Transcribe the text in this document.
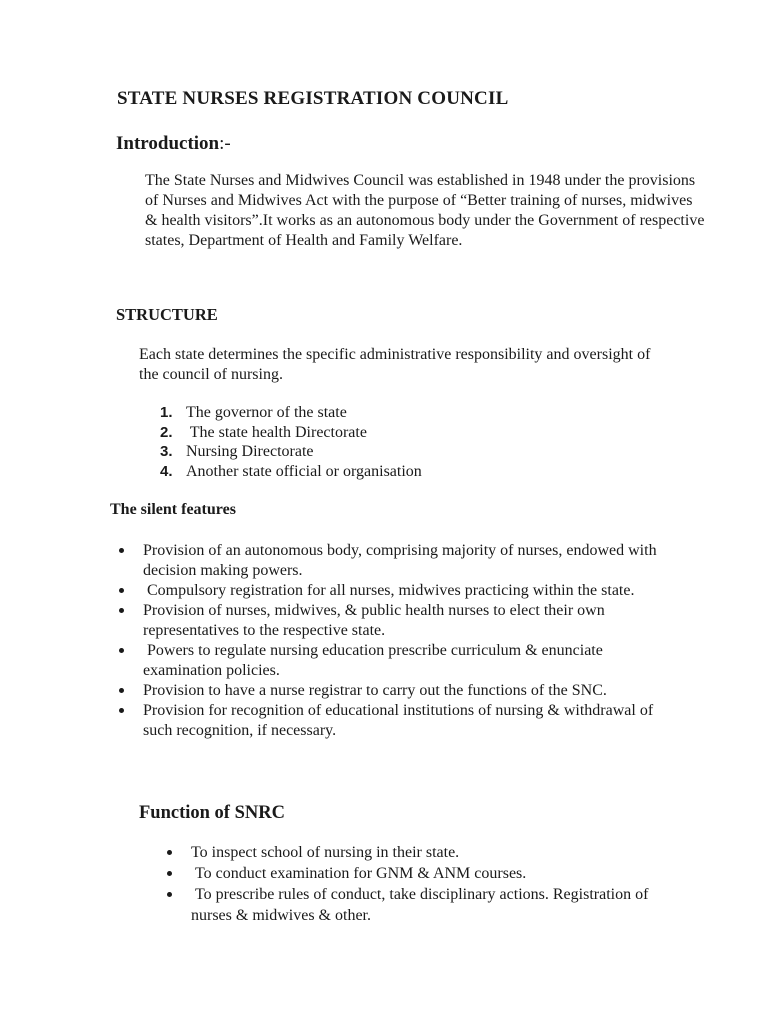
STATE NURSES REGISTRATION COUNCIL
Introduction:-
The State Nurses and Midwives Council was established in 1948 under the provisions of Nurses and Midwives Act with the purpose of “Better training of nurses, midwives & health visitors”.It works as an autonomous body under the Government of respective states, Department of Health and Family Welfare.
STRUCTURE
Each state determines the specific administrative responsibility and oversight of the council of nursing.
1. The governor of the state
2. The state health Directorate
3. Nursing Directorate
4. Another state official or organisation
The silent features
Provision of an autonomous body, comprising majority of nurses, endowed with decision making powers.
Compulsory registration for all nurses, midwives practicing within the state.
Provision of nurses, midwives, & public health nurses to elect their own representatives to the respective state.
Powers to regulate nursing education prescribe curriculum & enunciate examination policies.
Provision to have a nurse registrar to carry out the functions of the SNC.
Provision for recognition of educational institutions of nursing & withdrawal of such recognition, if necessary.
Function of SNRC
To inspect school of nursing in their state.
To conduct examination for GNM & ANM courses.
To prescribe rules of conduct, take disciplinary actions. Registration of nurses & midwives & other.
